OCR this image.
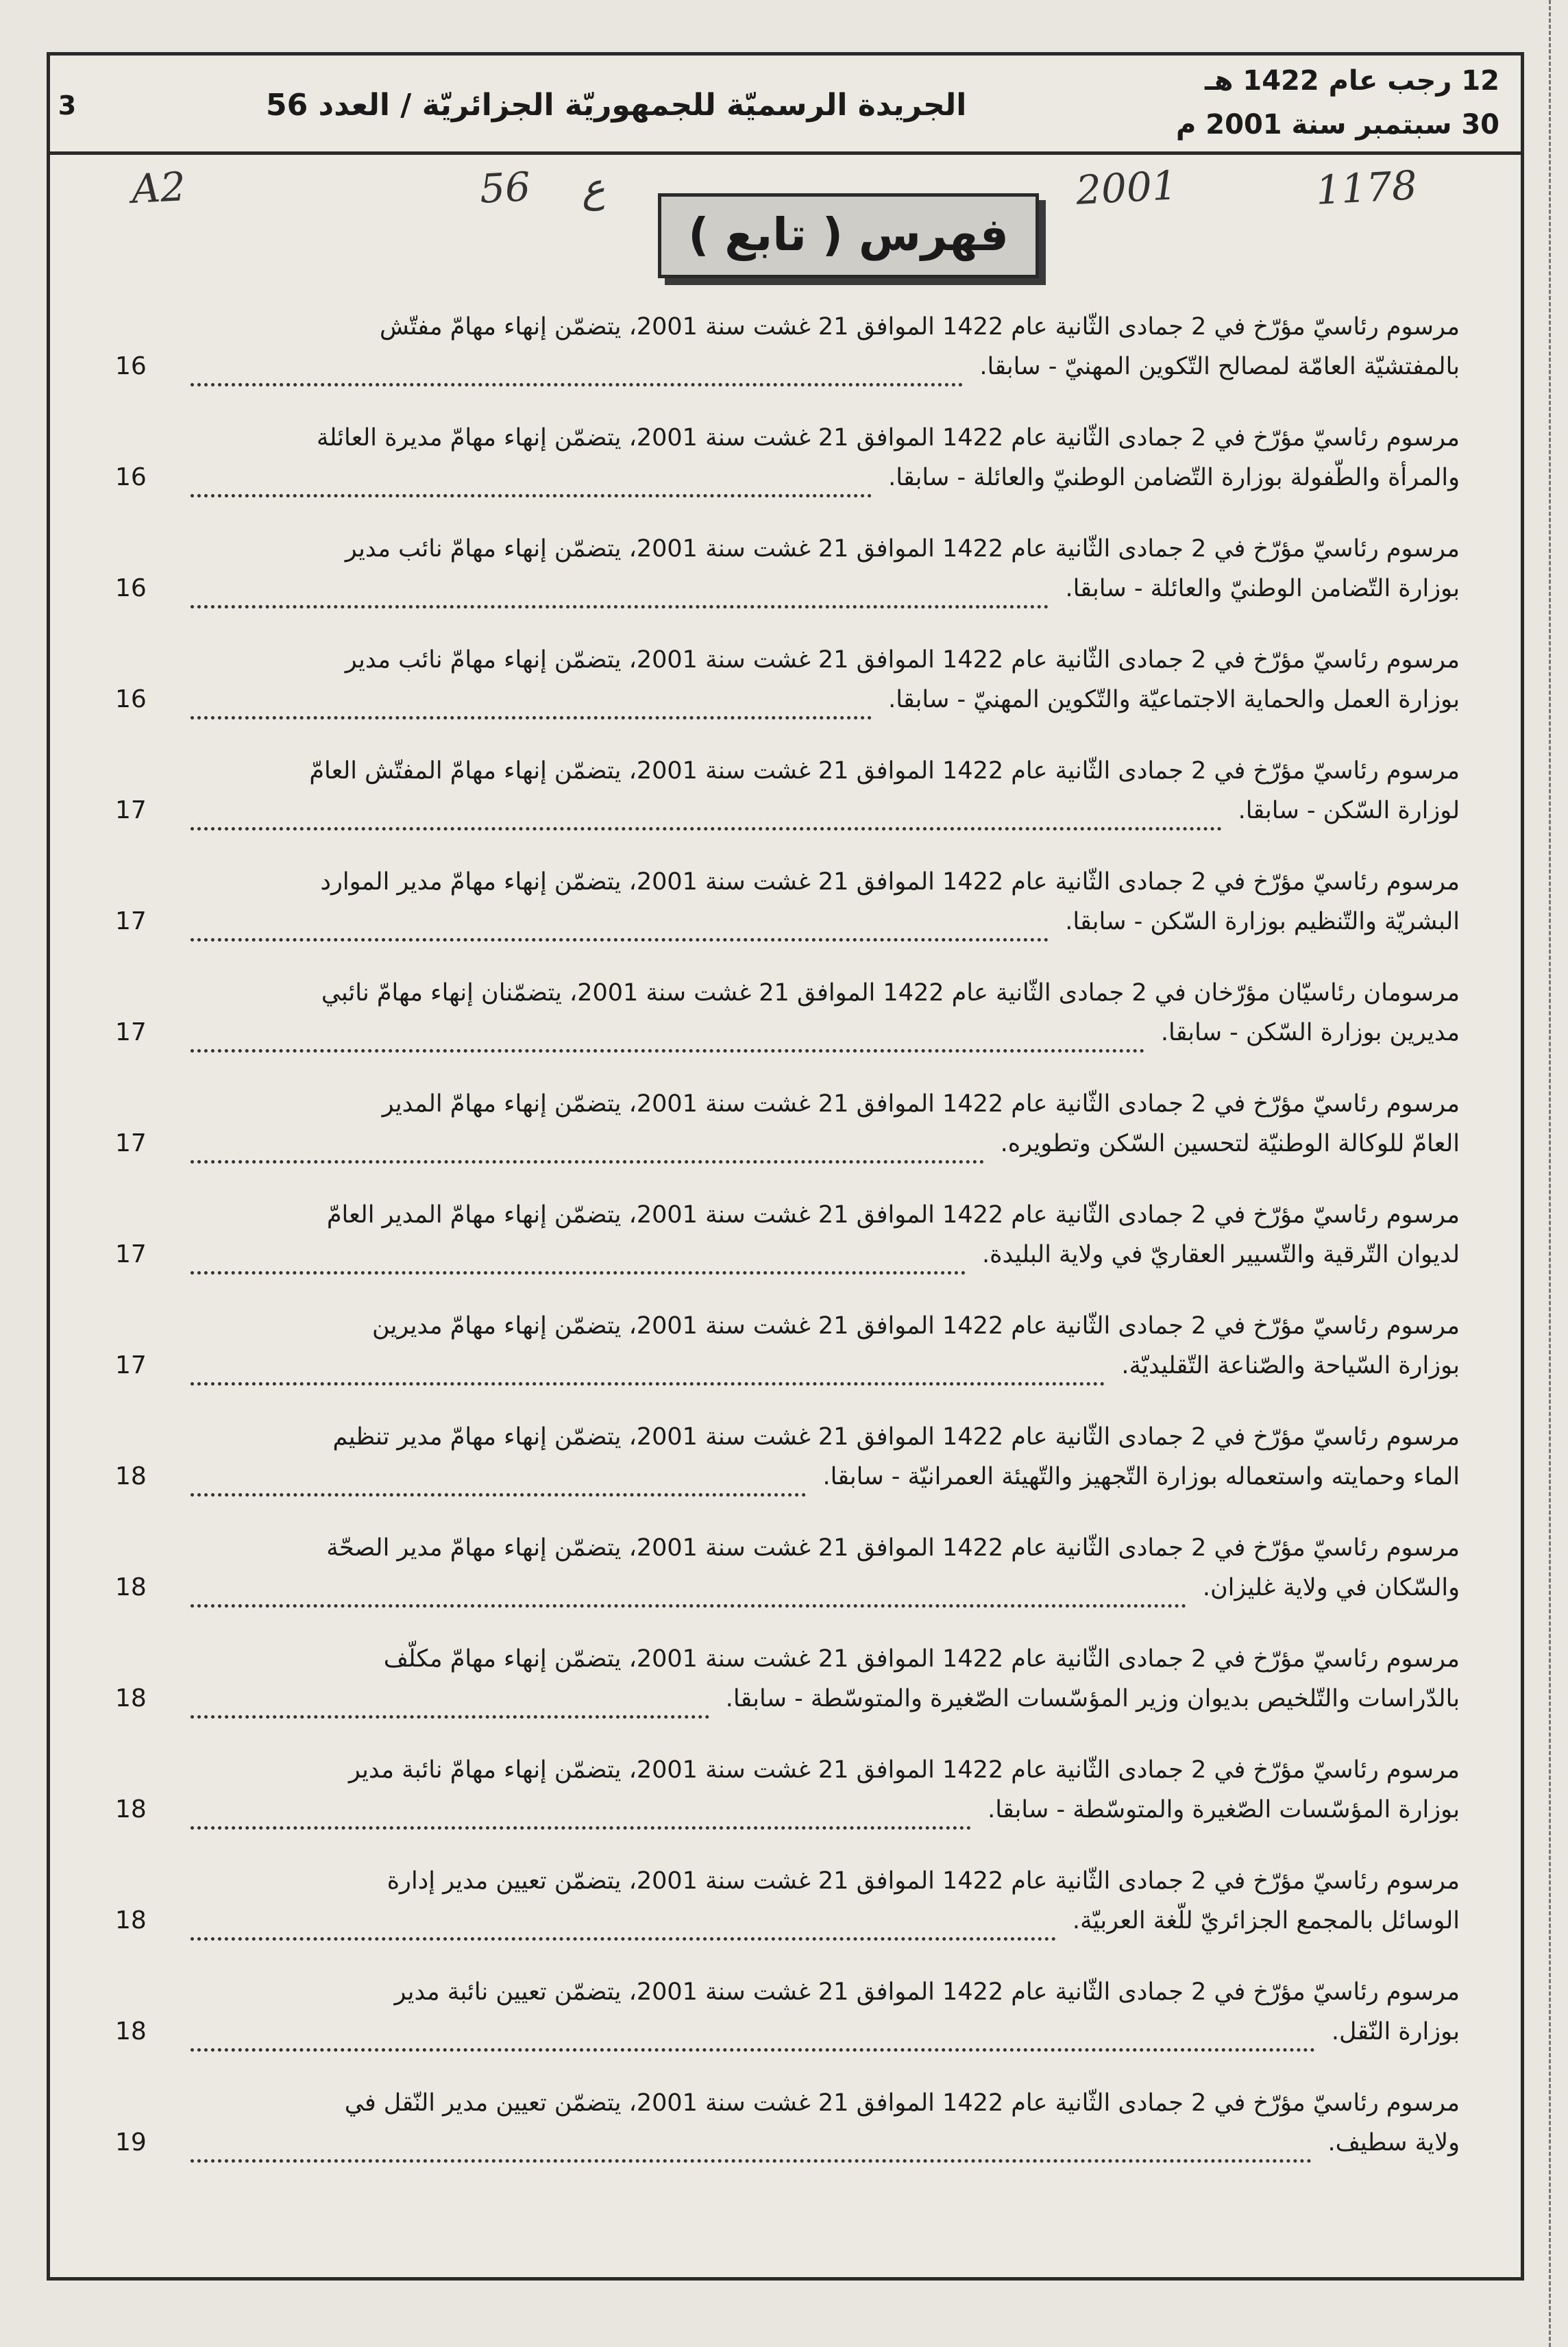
12 رجب عام 1422 هـ
30 سبتمبر سنة 2001 م
الجريدة الرسميّة للجمهوريّة الجزائريّة / العدد 56
3
A2	56 ع	2001	1178
فهرس ( تابع )
مرسوم رئاسيّ مؤرّخ في 2 جمادى الثّانية عام 1422 الموافق 21 غشت سنة 2001، يتضمّن إنهاء مهامّ مفتّش
بالمفتشيّة العامّة لمصالح التّكوين المهنيّ - سابقا.
16
مرسوم رئاسيّ مؤرّخ في 2 جمادى الثّانية عام 1422 الموافق 21 غشت سنة 2001، يتضمّن إنهاء مهامّ مديرة العائلة
والمرأة والطّفولة بوزارة التّضامن الوطنيّ والعائلة - سابقا.
16
مرسوم رئاسيّ مؤرّخ في 2 جمادى الثّانية عام 1422 الموافق 21 غشت سنة 2001، يتضمّن إنهاء مهامّ نائب مدير
بوزارة التّضامن الوطنيّ والعائلة - سابقا.
16
مرسوم رئاسيّ مؤرّخ في 2 جمادى الثّانية عام 1422 الموافق 21 غشت سنة 2001، يتضمّن إنهاء مهامّ نائب مدير
بوزارة العمل والحماية الاجتماعيّة والتّكوين المهنيّ - سابقا.
16
مرسوم رئاسيّ مؤرّخ في 2 جمادى الثّانية عام 1422 الموافق 21 غشت سنة 2001، يتضمّن إنهاء مهامّ المفتّش العامّ
لوزارة السّكن - سابقا.
17
مرسوم رئاسيّ مؤرّخ في 2 جمادى الثّانية عام 1422 الموافق 21 غشت سنة 2001، يتضمّن إنهاء مهامّ مدير الموارد
البشريّة والتّنظيم بوزارة السّكن - سابقا.
17
مرسومان رئاسيّان مؤرّخان في 2 جمادى الثّانية عام 1422 الموافق 21 غشت سنة 2001، يتضمّنان إنهاء مهامّ نائبي
مديرين بوزارة السّكن - سابقا.
17
مرسوم رئاسيّ مؤرّخ في 2 جمادى الثّانية عام 1422 الموافق 21 غشت سنة 2001، يتضمّن إنهاء مهامّ المدير
العامّ للوكالة الوطنيّة لتحسين السّكن وتطويره.
17
مرسوم رئاسيّ مؤرّخ في 2 جمادى الثّانية عام 1422 الموافق 21 غشت سنة 2001، يتضمّن إنهاء مهامّ المدير العامّ
لديوان التّرقية والتّسيير العقاريّ في ولاية البليدة.
17
مرسوم رئاسيّ مؤرّخ في 2 جمادى الثّانية عام 1422 الموافق 21 غشت سنة 2001، يتضمّن إنهاء مهامّ مديرين
بوزارة السّياحة والصّناعة التّقليديّة.
17
مرسوم رئاسيّ مؤرّخ في 2 جمادى الثّانية عام 1422 الموافق 21 غشت سنة 2001، يتضمّن إنهاء مهامّ مدير تنظيم
الماء وحمايته واستعماله بوزارة التّجهيز والتّهيئة العمرانيّة - سابقا.
18
مرسوم رئاسيّ مؤرّخ في 2 جمادى الثّانية عام 1422 الموافق 21 غشت سنة 2001، يتضمّن إنهاء مهامّ مدير الصحّة
والسّكان في ولاية غليزان.
18
مرسوم رئاسيّ مؤرّخ في 2 جمادى الثّانية عام 1422 الموافق 21 غشت سنة 2001، يتضمّن إنهاء مهامّ مكلّف
بالدّراسات والتّلخيص بديوان وزير المؤسّسات الصّغيرة والمتوسّطة - سابقا.
18
مرسوم رئاسيّ مؤرّخ في 2 جمادى الثّانية عام 1422 الموافق 21 غشت سنة 2001، يتضمّن إنهاء مهامّ نائبة مدير
بوزارة المؤسّسات الصّغيرة والمتوسّطة - سابقا.
18
مرسوم رئاسيّ مؤرّخ في 2 جمادى الثّانية عام 1422 الموافق 21 غشت سنة 2001، يتضمّن تعيين مدير إدارة
الوسائل بالمجمع الجزائريّ للّغة العربيّة.
18
مرسوم رئاسيّ مؤرّخ في 2 جمادى الثّانية عام 1422 الموافق 21 غشت سنة 2001، يتضمّن تعيين نائبة مدير
بوزارة النّقل.
18
مرسوم رئاسيّ مؤرّخ في 2 جمادى الثّانية عام 1422 الموافق 21 غشت سنة 2001، يتضمّن تعيين مدير النّقل في
ولاية سطيف.
19
